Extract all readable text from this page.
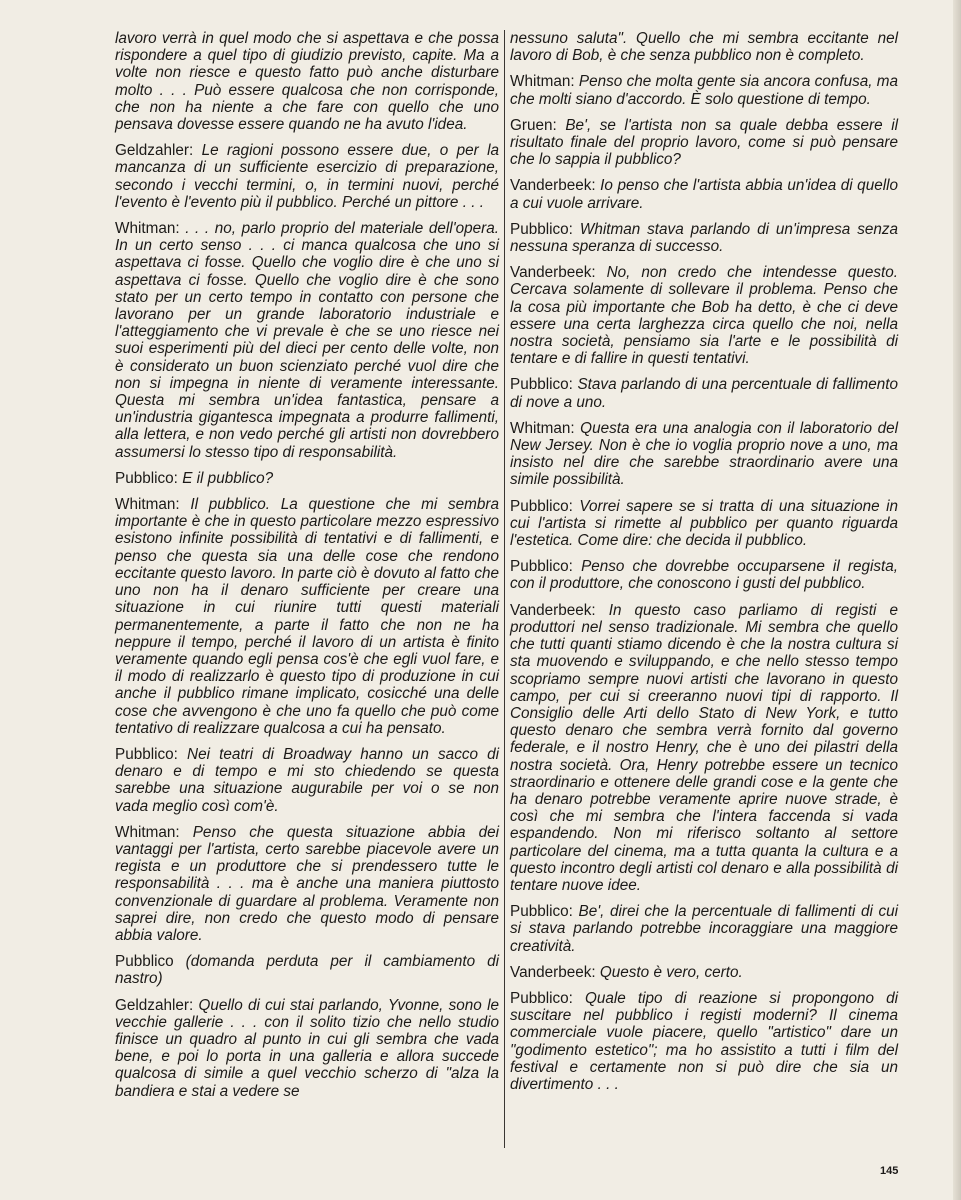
lavoro verrà in quel modo che si aspettava e che possa rispondere a quel tipo di giudizio previsto, capite. Ma a volte non riesce e questo fatto può anche disturbare molto . . . Può essere qualcosa che non corrisponde, che non ha niente a che fare con quello che uno pensava dovesse essere quando ne ha avuto l'idea.

Geldzahler: Le ragioni possono essere due, o per la mancanza di un sufficiente esercizio di preparazione, secondo i vecchi termini, o, in termini nuovi, perché l'evento è l'evento più il pubblico. Perché un pittore . . .

Whitman: . . . no, parlo proprio del materiale dell'opera. In un certo senso . . . ci manca qualcosa che uno si aspettava ci fosse. Quello che voglio dire è che uno si aspettava ci fosse. Quello che voglio dire è che sono stato per un certo tempo in contatto con persone che lavorano per un grande laboratorio industriale e l'atteggiamento che vi prevale è che se uno riesce nei suoi esperimenti più del dieci per cento delle volte, non è considerato un buon scienziato perché vuol dire che non si impegna in niente di veramente interessante. Questa mi sembra un'idea fantastica, pensare a un'industria gigantesca impegnata a produrre fallimenti, alla lettera, e non vedo perché gli artisti non dovrebbero assumersi lo stesso tipo di responsabilità.

Pubblico: E il pubblico?

Whitman: Il pubblico. La questione che mi sembra importante è che in questo particolare mezzo espressivo esistono infinite possibilità di tentativi e di fallimenti, e penso che questa sia una delle cose che rendono eccitante questo lavoro. In parte ciò è dovuto al fatto che uno non ha il denaro sufficiente per creare una situazione in cui riunire tutti questi materiali permanentemente, a parte il fatto che non ne ha neppure il tempo, perché il lavoro di un artista è finito veramente quando egli pensa cos'è che egli vuol fare, e il modo di realizzarlo è questo tipo di produzione in cui anche il pubblico rimane implicato, cosicché una delle cose che avvengono è che uno fa quello che può come tentativo di realizzare qualcosa a cui ha pensato.

Pubblico: Nei teatri di Broadway hanno un sacco di denaro e di tempo e mi sto chiedendo se questa sarebbe una situazione augurabile per voi o se non vada meglio così com'è.

Whitman: Penso che questa situazione abbia dei vantaggi per l'artista, certo sarebbe piacevole avere un regista e un produttore che si prendessero tutte le responsabilità . . . ma è anche una maniera piuttosto convenzionale di guardare al problema. Veramente non saprei dire, non credo che questo modo di pensare abbia valore.

Pubblico (domanda perduta per il cambiamento di nastro)

Geldzahler: Quello di cui stai parlando, Yvonne, sono le vecchie gallerie . . . con il solito tizio che nello studio finisce un quadro al punto in cui gli sembra che vada bene, e poi lo porta in una galleria e allora succede qualcosa di simile a quel vecchio scherzo di "alza la bandiera e stai a vedere se

nessuno saluta". Quello che mi sembra eccitante nel lavoro di Bob, è che senza pubblico non è completo.

Whitman: Penso che molta gente sia ancora confusa, ma che molti siano d'accordo. È solo questione di tempo.

Gruen: Be', se l'artista non sa quale debba essere il risultato finale del proprio lavoro, come si può pensare che lo sappia il pubblico?

Vanderbeek: Io penso che l'artista abbia un'idea di quello a cui vuole arrivare.

Pubblico: Whitman stava parlando di un'impresa senza nessuna speranza di successo.

Vanderbeek: No, non credo che intendesse questo. Cercava solamente di sollevare il problema. Penso che la cosa più importante che Bob ha detto, è che ci deve essere una certa larghezza circa quello che noi, nella nostra società, pensiamo sia l'arte e le possibilità di tentare e di fallire in questi tentativi.

Pubblico: Stava parlando di una percentuale di fallimento di nove a uno.

Whitman: Questa era una analogia con il laboratorio del New Jersey. Non è che io voglia proprio nove a uno, ma insisto nel dire che sarebbe straordinario avere una simile possibilità.

Pubblico: Vorrei sapere se si tratta di una situazione in cui l'artista si rimette al pubblico per quanto riguarda l'estetica. Come dire: che decida il pubblico.

Pubblico: Penso che dovrebbe occuparsene il regista, con il produttore, che conoscono i gusti del pubblico.

Vanderbeek: In questo caso parliamo di registi e produttori nel senso tradizionale. Mi sembra che quello che tutti quanti stiamo dicendo è che la nostra cultura si sta muovendo e sviluppando, e che nello stesso tempo scopriamo sempre nuovi artisti che lavorano in questo campo, per cui si creeranno nuovi tipi di rapporto. Il Consiglio delle Arti dello Stato di New York, e tutto questo denaro che sembra verrà fornito dal governo federale, e il nostro Henry, che è uno dei pilastri della nostra società. Ora, Henry potrebbe essere un tecnico straordinario e ottenere delle grandi cose e la gente che ha denaro potrebbe veramente aprire nuove strade, è così che mi sembra che l'intera faccenda si vada espandendo. Non mi riferisco soltanto al settore particolare del cinema, ma a tutta quanta la cultura e a questo incontro degli artisti col denaro e alla possibilità di tentare nuove idee.

Pubblico: Be', direi che la percentuale di fallimenti di cui si stava parlando potrebbe incoraggiare una maggiore creatività.

Vanderbeek: Questo è vero, certo.

Pubblico: Quale tipo di reazione si propongono di suscitare nel pubblico i registi moderni? Il cinema commerciale vuole piacere, quello "artistico" dare un "godimento estetico"; ma ho assistito a tutti i film del festival e certamente non si può dire che sia un divertimento . . .

145
